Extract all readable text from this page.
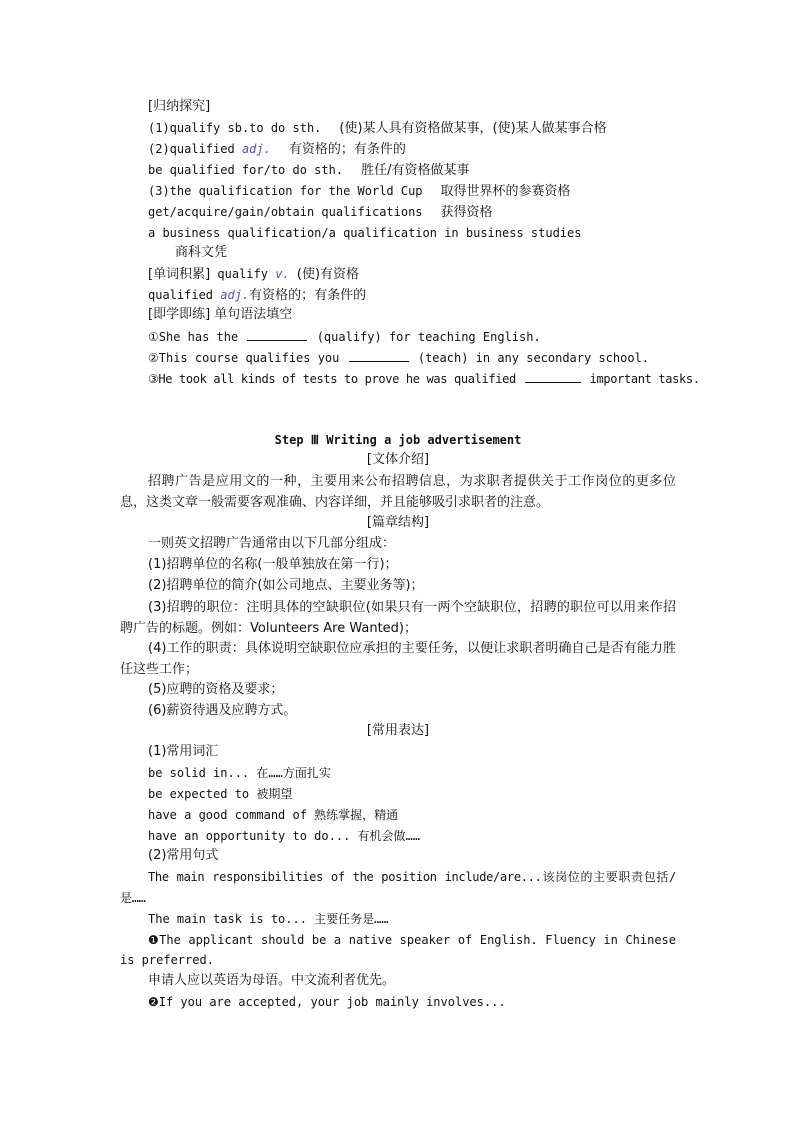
[归纳探究]
(1)qualify sb.to do sth. (使)某人具有资格做某事，(使)某人做某事合格
(2)qualified adj. 有资格的；有条件的
be qualified for/to do sth. 胜任/有资格做某事
(3)the qualification for the World Cup 取得世界杯的参赛资格
get/acquire/gain/obtain qualifications 获得资格
a business qualification/a qualification in business studies
商科文凭
[单词积累] qualify v. (使)有资格
qualified adj.有资格的；有条件的
[即学即练] 单句语法填空
①She has the	(qualify) for teaching English.
②This course qualifies you	(teach) in any secondary school.
③He took all kinds of tests to prove he was qualified	important tasks.
Step Ⅲ Writing a job advertisement
[文体介绍]
招聘广告是应用文的一种，主要用来公布招聘信息，为求职者提供关于工作岗位的更多位息，这类文章一般需要客观准确、内容详细，并且能够吸引求职者的注意。
[篇章结构]
一则英文招聘广告通常由以下几部分组成：
(1)招聘单位的名称(一般单独放在第一行)；
(2)招聘单位的简介(如公司地点、主要业务等)；
(3)招聘的职位：注明具体的空缺职位(如果只有一两个空缺职位，招聘的职位可以用来作招聘广告的标题。例如：Volunteers Are Wanted)；
(4)工作的职责：具体说明空缺职位应承担的主要任务，以便让求职者明确自己是否有能力胜任这些工作；
(5)应聘的资格及要求；
(6)薪资待遇及应聘方式。
[常用表达]
(1)常用词汇
be solid in... 在……方面扎实
be expected to 被期望
have a good command of 熟练掌握，精通
have an opportunity to do... 有机会做……
(2)常用句式
The main responsibilities of the position include/are...该岗位的主要职责包括/是……
The main task is to... 主要任务是……
❶The applicant should be a native speaker of English. Fluency in Chinese is preferred.
申请人应以英语为母语。中文流利者优先。
❷If you are accepted, your job mainly involves...
